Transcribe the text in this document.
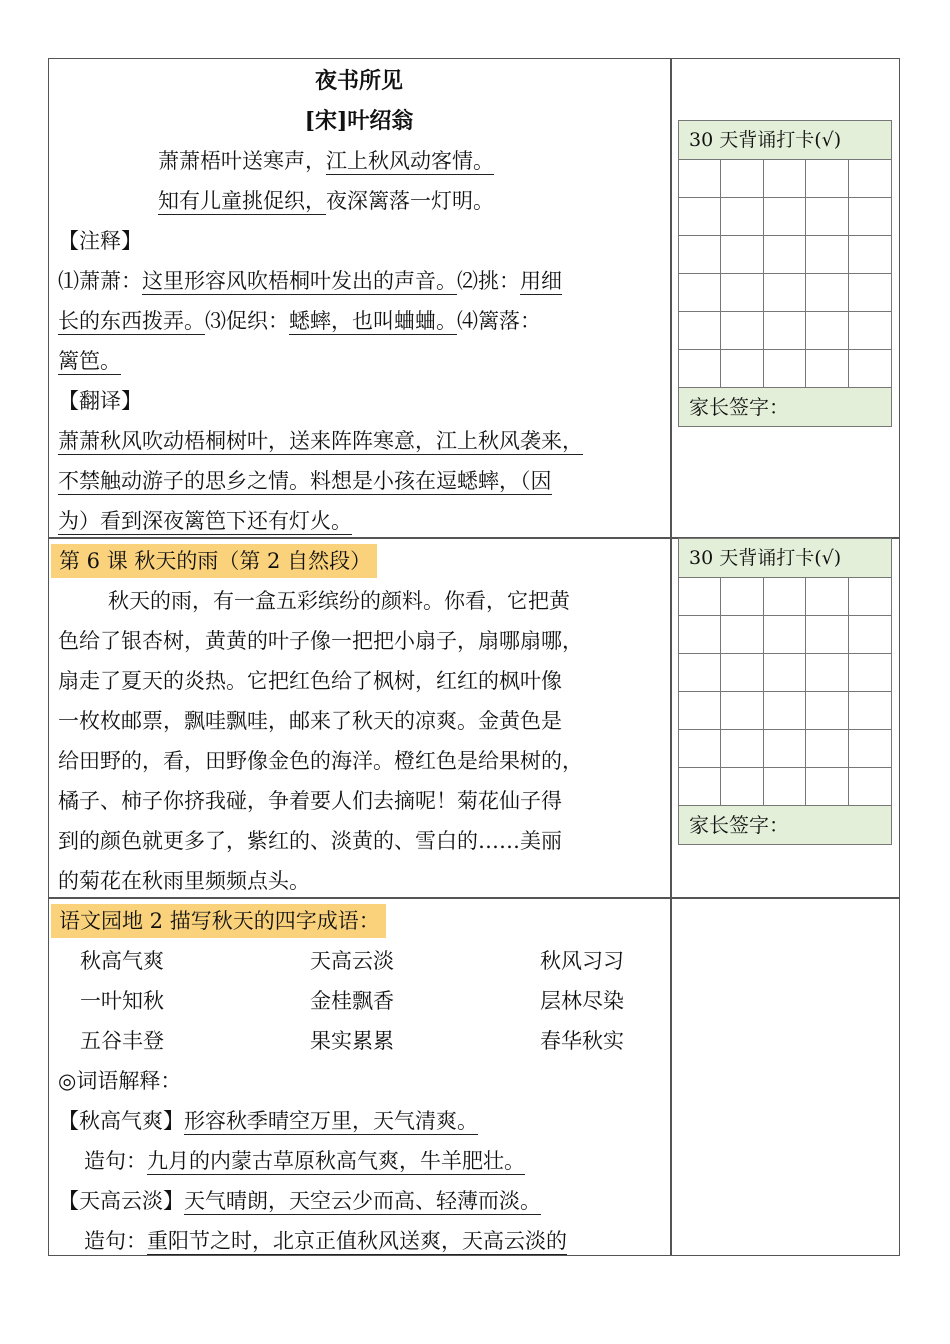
夜书所见
[宋]叶绍翁
萧萧梧叶送寒声，江上秋风动客情。
知有儿童挑促织，夜深篱落一灯明。
【注释】
⑴萧萧：这里形容风吹梧桐叶发出的声音。⑵挑：用细
长的东西拨弄。⑶促织：蟋蟀，也叫蛐蛐。⑷篱落：
篱笆。
【翻译】
萧萧秋风吹动梧桐树叶，送来阵阵寒意，江上秋风袭来，
不禁触动游子的思乡之情。料想是小孩在逗蟋蟀，（因
为）看到深夜篱笆下还有灯火。
第 6 课 秋天的雨（第 2 自然段）
秋天的雨，有一盒五彩缤纷的颜料。你看，它把黄
色给了银杏树，黄黄的叶子像一把把小扇子，扇哪扇哪，
扇走了夏天的炎热。它把红色给了枫树，红红的枫叶像
一枚枚邮票，飘哇飘哇，邮来了秋天的凉爽。金黄色是
给田野的，看，田野像金色的海洋。橙红色是给果树的，
橘子、柿子你挤我碰，争着要人们去摘呢！菊花仙子得
到的颜色就更多了，紫红的、淡黄的、雪白的……美丽
的菊花在秋雨里频频点头。
语文园地 2 描写秋天的四字成语：
秋高气爽	天高云淡	秋风习习
一叶知秋	金桂飘香	层林尽染
五谷丰登	果实累累	春华秋实
◎词语解释：
【秋高气爽】形容秋季晴空万里，天气清爽。
造句：九月的内蒙古草原秋高气爽，牛羊肥壮。
【天高云淡】天气晴朗，天空云少而高、轻薄而淡。
造句：重阳节之时，北京正值秋风送爽，天高云淡的
30 天背诵打卡(√)
家长签字：
30 天背诵打卡(√)
家长签字：
